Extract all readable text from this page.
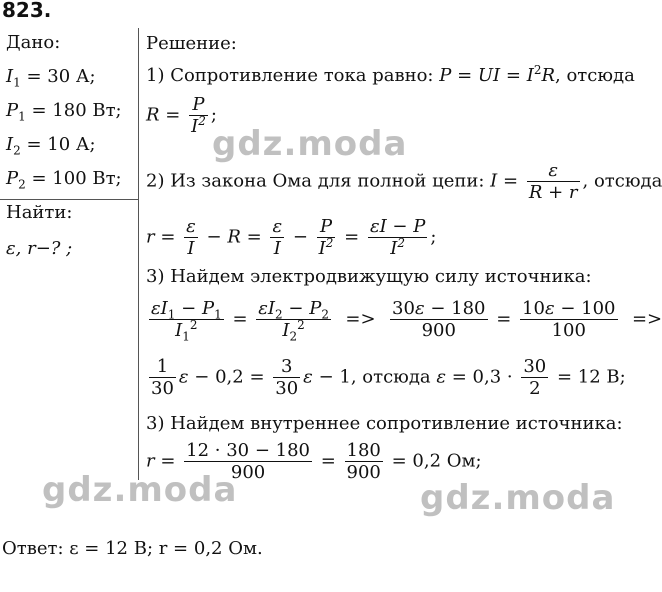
823.
Дано:
$I_1 = 30$ А;
$P_1 = 180$ Вт;
$I_2 = 10$ А;
$P_2 = 100$ Вт;
Найти:
ε, r−? ;
Решение:
1) Сопротивление тока равно: P = UI = $I^2R$, отсюда
$R = \frac{P}{I^2}$ ;
2) Из закона Ома для полной цепи: $I = \frac{\varepsilon}{R + r}$ , отсюда
$r = \frac{\varepsilon}{I} - R = \frac{\varepsilon}{I} - \frac{P}{I^2} = \frac{\varepsilon I - P}{I^2}$ ;
3) Найдем электродвижущую силу источника:
$\frac{\varepsilon I_1 - P_1}{I_1^2} = \frac{\varepsilon I_2 - P_2}{I_2^2} => \frac{30\varepsilon - 180}{900} = \frac{10\varepsilon - 100}{100}$ =>
$\frac{1}{30}$ $\varepsilon - 0,2 = \frac{3}{30}$ ε − 1, отсюда $\varepsilon = 0,3 \cdot \frac{30}{2} = 12$ В;
3) Найдем внутреннее сопротивление источника:
$r = \frac{12 \cdot 30 - 180}{900} = \frac{180}{900} = 0,2$ Ом;
Ответ: ε = 12 В; r = 0,2 Ом.
gdz.moda
gdz.moda	gdz.moda
